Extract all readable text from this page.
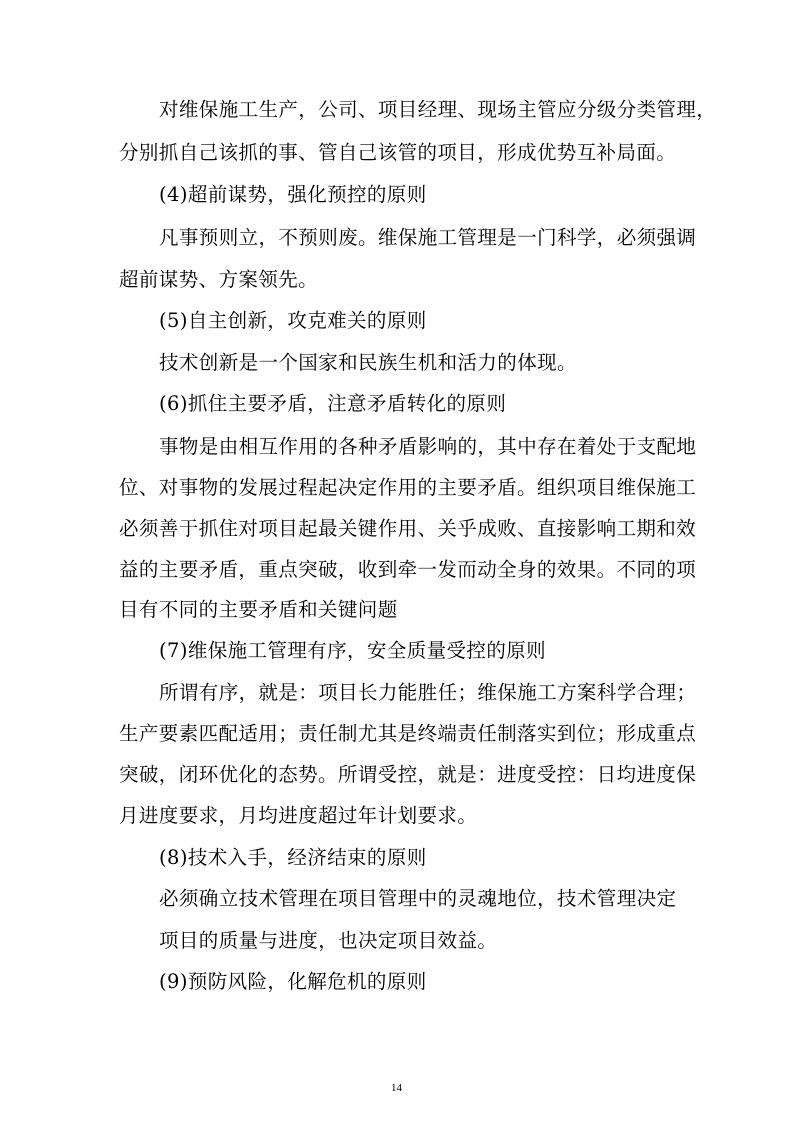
对维保施工生产，公司、项目经理、现场主管应分级分类管理，
分别抓自己该抓的事、管自己该管的项目，形成优势互补局面。
(4)超前谋势，强化预控的原则
凡事预则立，不预则废。维保施工管理是一门科学，必须强调
超前谋势、方案领先。
(5)自主创新，攻克难关的原则
技术创新是一个国家和民族生机和活力的体现。
(6)抓住主要矛盾，注意矛盾转化的原则
事物是由相互作用的各种矛盾影响的，其中存在着处于支配地
位、对事物的发展过程起决定作用的主要矛盾。组织项目维保施工
必须善于抓住对项目起最关键作用、关乎成败、直接影响工期和效
益的主要矛盾，重点突破，收到牵一发而动全身的效果。不同的项
目有不同的主要矛盾和关键问题
(7)维保施工管理有序，安全质量受控的原则
所谓有序，就是：项目长力能胜任；维保施工方案科学合理；
生产要素匹配适用；责任制尤其是终端责任制落实到位；形成重点
突破，闭环优化的态势。所谓受控，就是：进度受控：日均进度保
月进度要求，月均进度超过年计划要求。
(8)技术入手，经济结束的原则
必须确立技术管理在项目管理中的灵魂地位，技术管理决定
项目的质量与进度，也决定项目效益。
(9)预防风险，化解危机的原则
14
